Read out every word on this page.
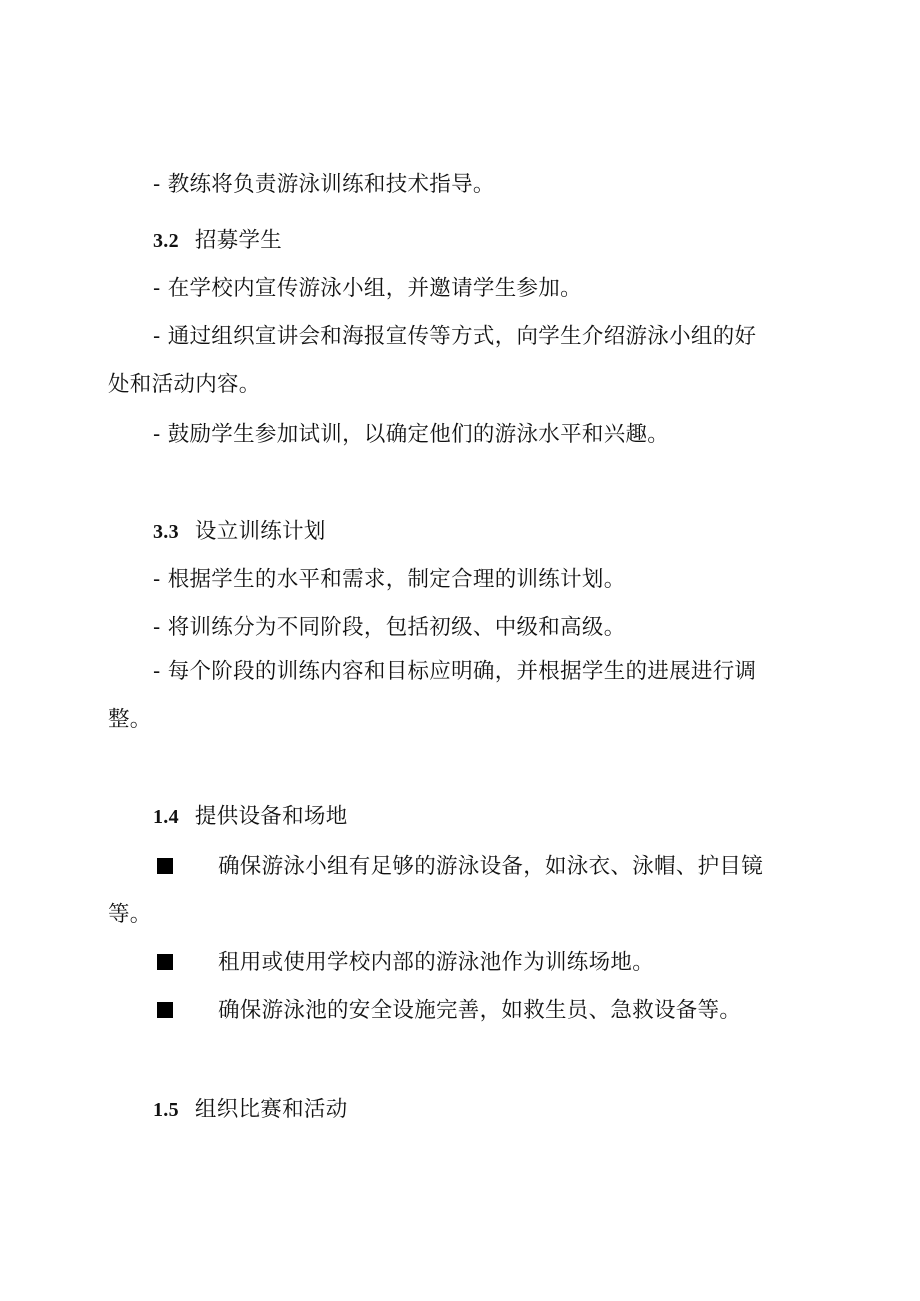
- 教练将负责游泳训练和技术指导。
3.2 招募学生
- 在学校内宣传游泳小组，并邀请学生参加。
- 通过组织宣讲会和海报宣传等方式，向学生介绍游泳小组的好
处和活动内容。
- 鼓励学生参加试训，以确定他们的游泳水平和兴趣。
3.3 设立训练计划
- 根据学生的水平和需求，制定合理的训练计划。
- 将训练分为不同阶段，包括初级、中级和高级。
- 每个阶段的训练内容和目标应明确，并根据学生的进展进行调
整。
1.4 提供设备和场地
确保游泳小组有足够的游泳设备，如泳衣、泳帽、护目镜
等。
租用或使用学校内部的游泳池作为训练场地。
确保游泳池的安全设施完善，如救生员、急救设备等。
1.5 组织比赛和活动
